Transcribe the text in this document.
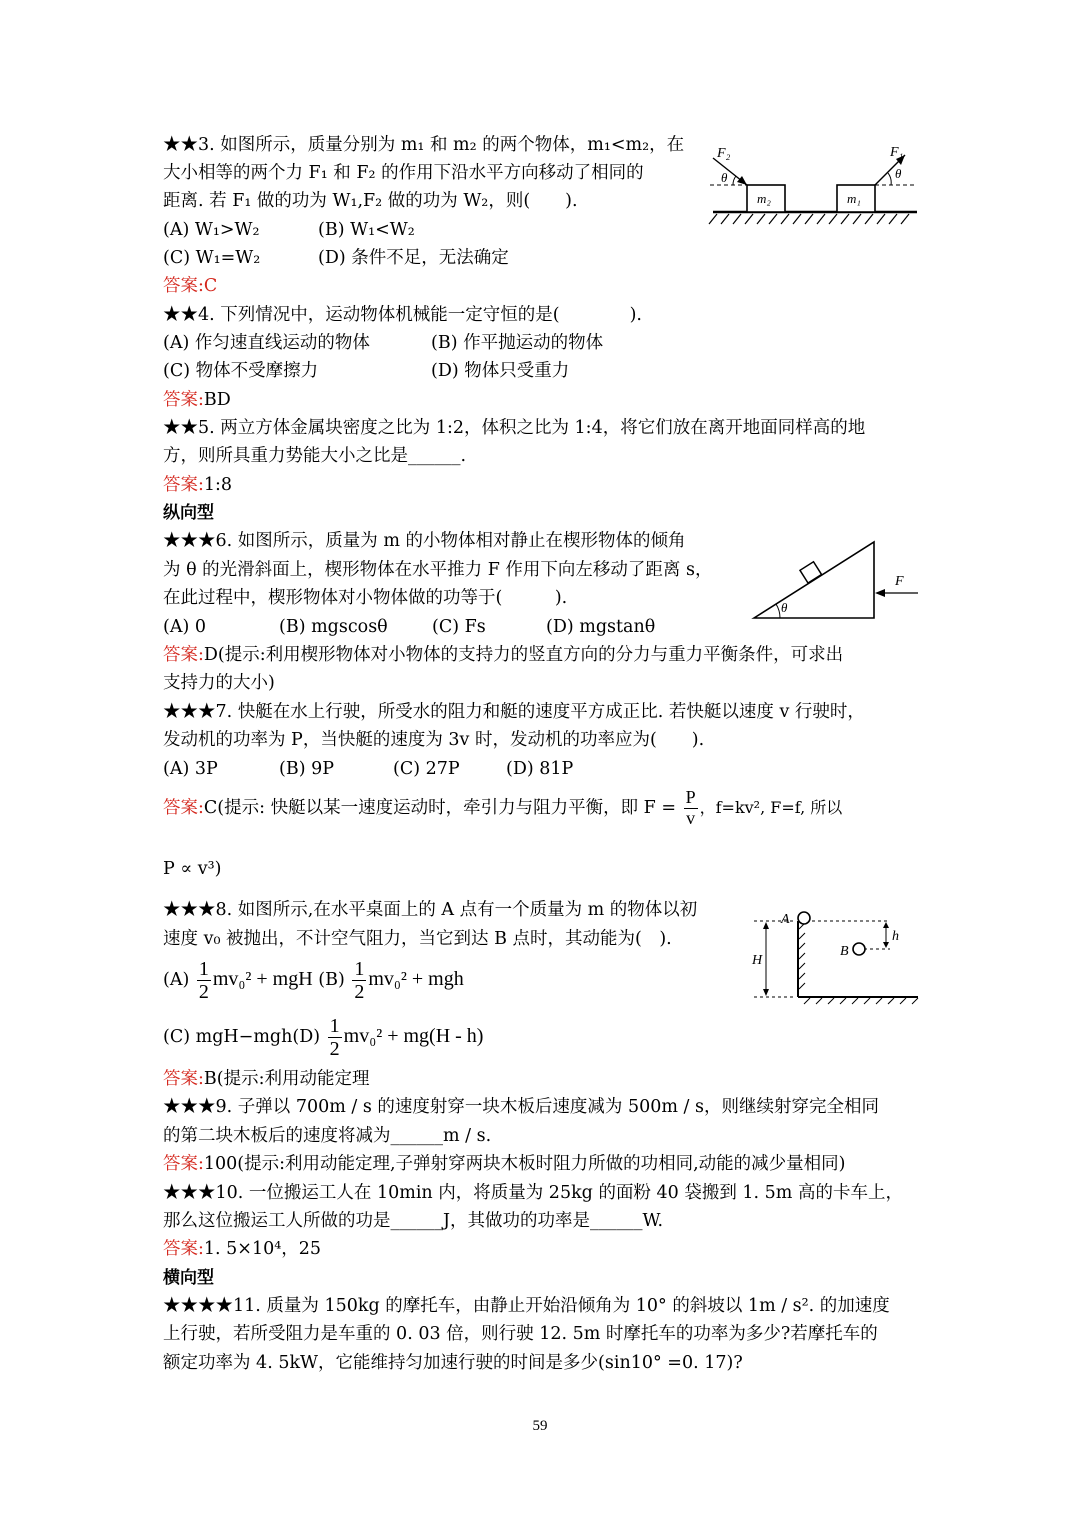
★★3. 如图所示，质量分别为 m₁ 和 m₂ 的两个物体，m₁<m₂，在
大小相等的两个力 F₁ 和 F₂ 的作用下沿水平方向移动了相同的
距离. 若 F₁ 做的功为 W₁,F₂ 做的功为 W₂，则(　　).
(A) W₁>W₂	(B) W₁<W₂
(C) W₁=W₂	(D) 条件不足，无法确定
答案:C
F₂	F₁
θ	θ
m₂	m₁
★★4. 下列情况中，运动物体机械能一定守恒的是(　　　　).
(A) 作匀速直线运动的物体	(B) 作平抛运动的物体
(C) 物体不受摩擦力	(D) 物体只受重力
答案:BD
★★5. 两立方体金属块密度之比为 1:2，体积之比为 1:4，将它们放在离开地面同样高的地
方，则所具重力势能大小之比是______.
答案:1:8
纵向型
★★★6. 如图所示，质量为 m 的小物体相对静止在楔形物体的倾角
为 θ 的光滑斜面上，楔形物体在水平推力 F 作用下向左移动了距离 s，
在此过程中，楔形物体对小物体做的功等于(　　　).
(A) 0	(B) mgscosθ	(C) Fs	(D) mgstanθ
答案:D(提示:利用楔形物体对小物体的支持力的竖直方向的分力与重力平衡条件，可求出
支持力的大小)
θ
F
★★★7. 快艇在水上行驶，所受水的阻力和艇的速度平方成正比. 若快艇以速度 v 行驶时，
发动机的功率为 P，当快艇的速度为 3v 时，发动机的功率应为(　　).
(A) 3P	(B) 9P	(C) 27P	(D) 81P
答案:C(提示: 快艇以某一速度运动时，牵引力与阻力平衡，即 $F = \frac{P}{v}$ ，f=kv², F=f, 所以
P ∝ v³)
★★★8. 如图所示,在水平桌面上的 A 点有一个质量为 m 的物体以初
速度 v₀ 被抛出，不计空气阻力，当它到达 B 点时，其动能为(　).
$(A) \frac{1}{2} mv_0^2$ + mgH $(B) \frac{1}{2} mv_0^2$ + mgh
(C) $mgH-mgh(D) \frac{1}{2} mv_0^2 + mg(H - h)$
答案:B(提示:利用动能定理
A
B
H
h
★★★9. 子弹以 700m / s 的速度射穿一块木板后速度减为 500m / s，则继续射穿完全相同
的第二块木板后的速度将减为______m / s.
答案:100(提示:利用动能定理,子弹射穿两块木板时阻力所做的功相同,动能的减少量相同)
★★★10. 一位搬运工人在 10min 内，将质量为 25kg 的面粉 40 袋搬到 1. 5m 高的卡车上，
那么这位搬运工人所做的功是______J，其做功的功率是______W.
答案:1. 5×10⁴，25
横向型
★★★★11. 质量为 150kg 的摩托车，由静止开始沿倾角为 10° 的斜坡以 1m / s². 的加速度
上行驶，若所受阻力是车重的 0. 03 倍，则行驶 12. 5m 时摩托车的功率为多少?若摩托车的
额定功率为 4. 5kW，它能维持匀加速行驶的时间是多少(sin10° =0. 17)?
59
